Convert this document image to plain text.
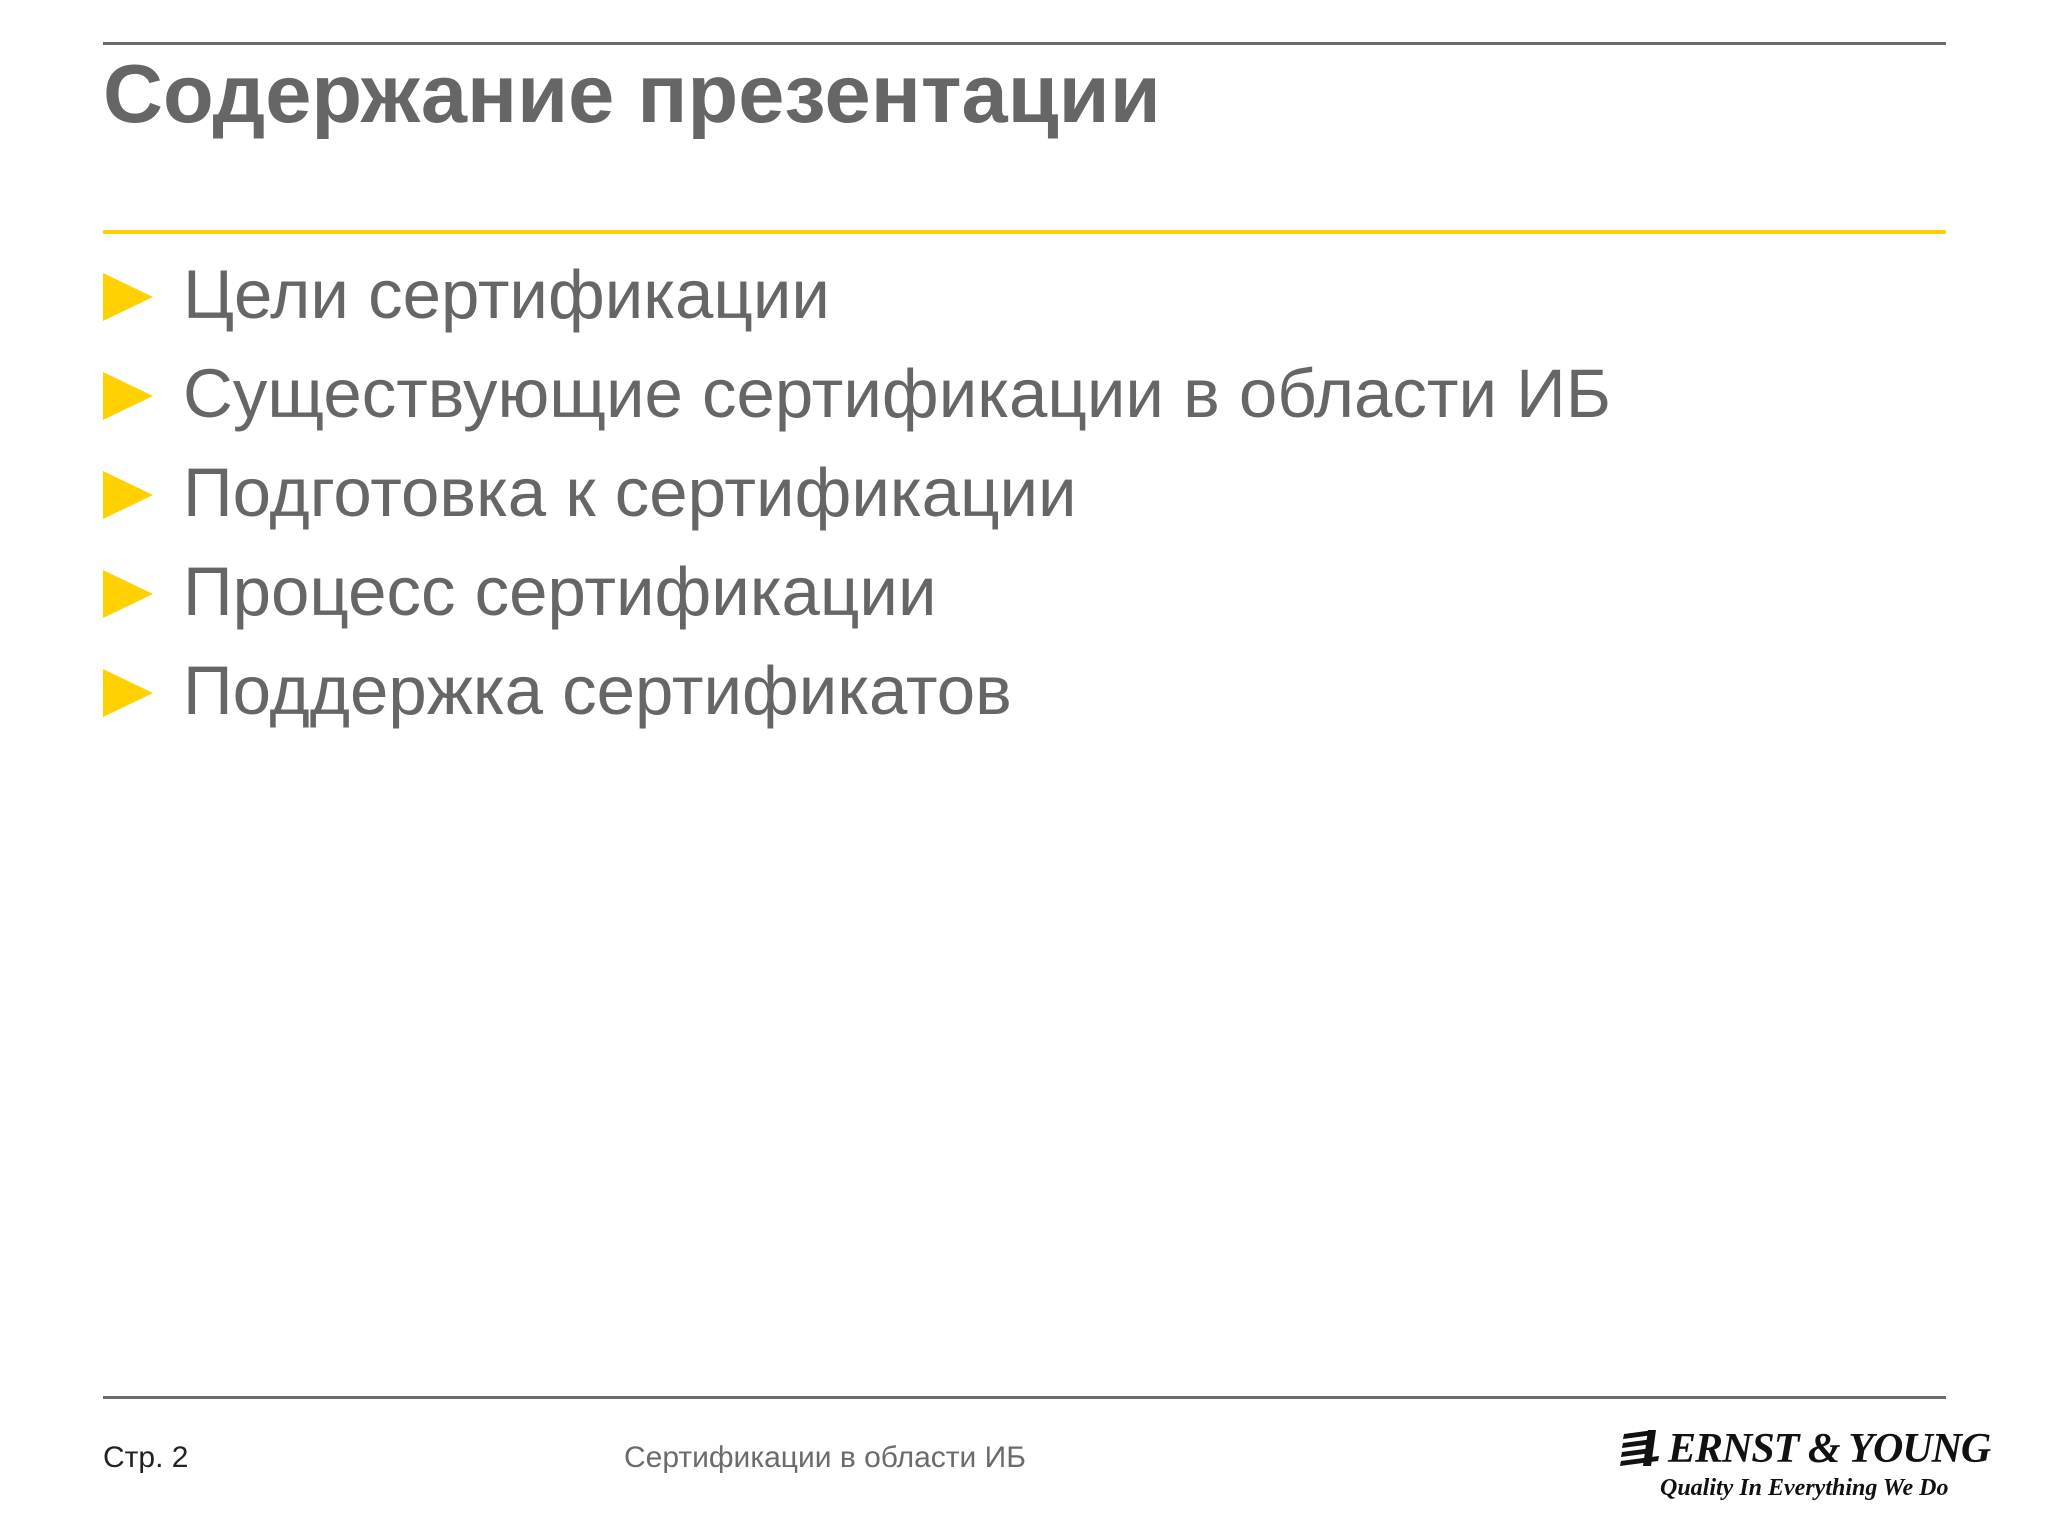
Содержание презентации
Цели сертификации
Существующие сертификации в области ИБ
Подготовка к сертификации
Процесс сертификации
Поддержка сертификатов
Стр. 2	Сертификации в области ИБ	ERNST & YOUNG
Quality In Everything We Do
